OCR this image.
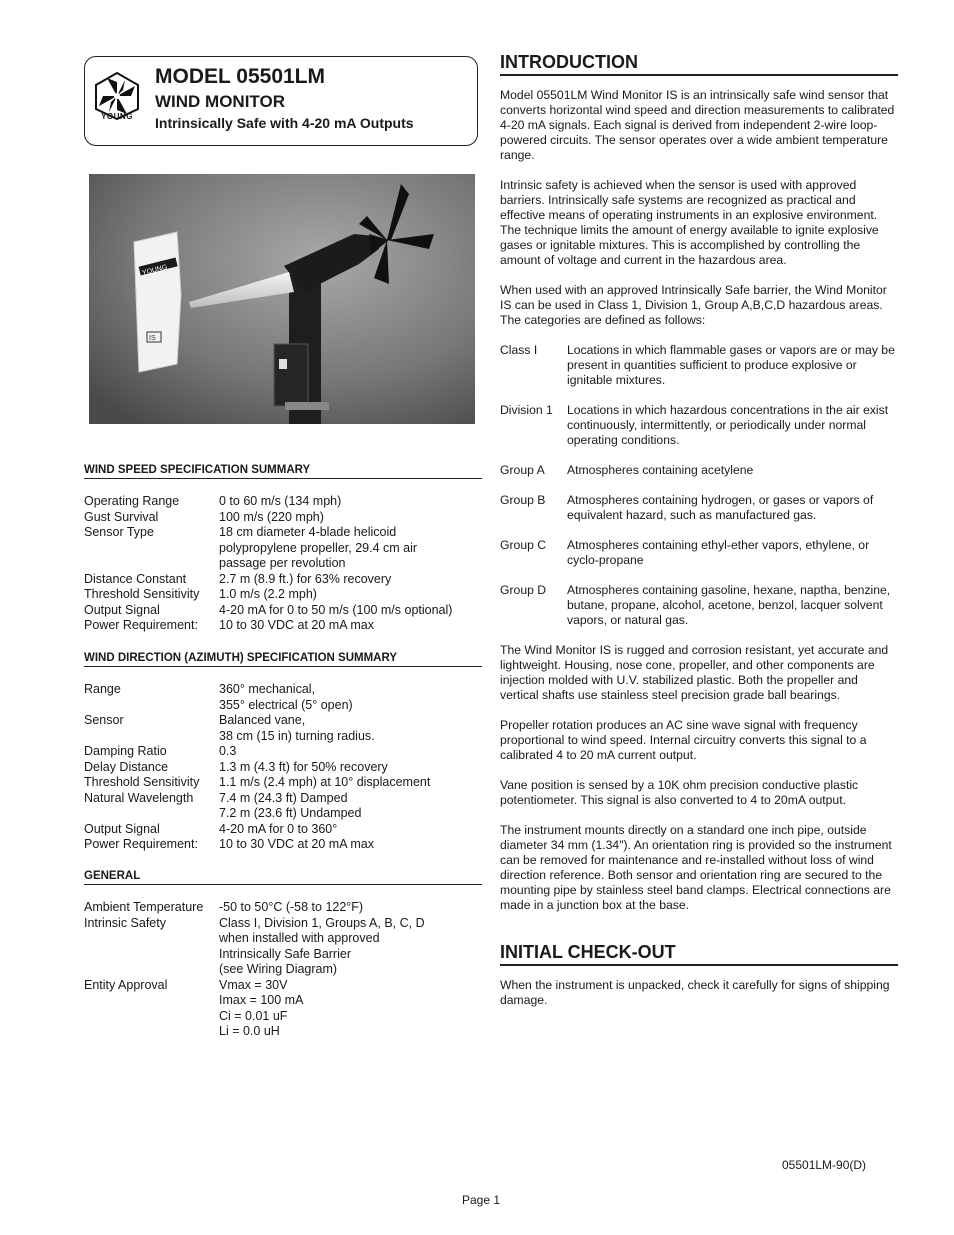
YOUNG
MODEL 05501LM
WIND MONITOR

Intrinsically Safe with 4-20 mA Outputs

YOUNG
IS
WIND SPEED SPECIFICATION SUMMARY
Operating Range	0 to 60 m/s (134 mph)
Gust Survival	100 m/s (220 mph)
Sensor Type	18 cm diameter 4-blade helicoid
polypropylene propeller, 29.4 cm air
passage per revolution
Distance Constant	2.7 m (8.9 ft.) for 63% recovery
Threshold Sensitivity	1.0 m/s (2.2 mph)
Output Signal	4-20 mA for 0 to 50 m/s (100 m/s optional)
Power Requirement:	10 to 30 VDC at 20 mA max
WIND DIRECTION (AZIMUTH) SPECIFICATION SUMMARY
Range	360° mechanical,
355° electrical (5° open)
Sensor	Balanced vane,
38 cm (15 in) turning radius.
Damping Ratio	0.3
Delay Distance	1.3 m (4.3 ft) for 50% recovery
Threshold Sensitivity	1.1 m/s (2.4 mph) at 10° displacement
Natural Wavelength	7.4 m (24.3 ft) Damped
7.2 m (23.6 ft) Undamped
Output Signal	4-20 mA for 0 to 360°
Power Requirement:	10 to 30 VDC at 20 mA max
GENERAL
Ambient Temperature	-50 to 50°C (-58 to 122°F)
Intrinsic Safety	Class I, Division 1, Groups A, B, C, D
when installed with approved
Intrinsically Safe Barrier
(see Wiring Diagram)
Entity Approval	Vmax = 30V
Imax = 100 mA
Ci = 0.01 uF
Li = 0.0 uH
INTRODUCTION

Model 05501LM Wind Monitor IS is an intrinsically safe wind sensor that converts horizontal wind speed and direction measurements to calibrated 4-20 mA signals. Each signal is derived from independent 2-wire loop-powered circuits. The sensor operates over a wide ambient temperature range.

Intrinsic safety is achieved when the sensor is used with approved barriers. Intrinsically safe systems are recognized as practical and effective means of operating instruments in an explosive environment. The technique limits the amount of energy available to ignite explosive gases or ignitable mixtures. This is accomplished by controlling the amount of voltage and current in the hazardous area.

When used with an approved Intrinsically Safe barrier, the Wind Monitor IS can be used in Class 1, Division 1, Group A,B,C,D hazardous areas. The categories are defined as follows:

Class I	Locations in which flammable gases or vapors are or may be present in quantities sufficient to produce explosive or ignitable mixtures.
Division 1	Locations in which hazardous concentrations in the air exist continuously, intermittently, or periodically under normal operating conditions.
Group A	Atmospheres containing acetylene
Group B	Atmospheres containing hydrogen, or gases or vapors of equivalent hazard, such as manufactured gas.
Group C	Atmospheres containing ethyl-ether vapors, ethylene, or cyclo-propane
Group D	Atmospheres containing gasoline, hexane, naptha, benzine, butane, propane, alcohol, acetone, benzol, lacquer solvent vapors, or natural gas.

The Wind Monitor IS is rugged and corrosion resistant, yet accurate and lightweight. Housing, nose cone, propeller, and other components are injection molded with U.V. stabilized plastic. Both the propeller and vertical shafts use stainless steel precision grade ball bearings.

Propeller rotation produces an AC sine wave signal with frequency proportional to wind speed. Internal circuitry converts this signal to a calibrated 4 to 20 mA current output.

Vane position is sensed by a 10K ohm precision conductive plastic potentiometer. This signal is also converted to 4 to 20mA output.

The instrument mounts directly on a standard one inch pipe, outside diameter 34 mm (1.34"). An orientation ring is provided so the instrument can be removed for maintenance and re-installed without loss of wind direction reference. Both sensor and orientation ring are secured to the mounting pipe by stainless steel band clamps. Electrical connections are made in a junction box at the base.

INITIAL CHECK-OUT

When the instrument is unpacked, check it carefully for signs of shipping damage.

05501LM-90(D)
Page 1
